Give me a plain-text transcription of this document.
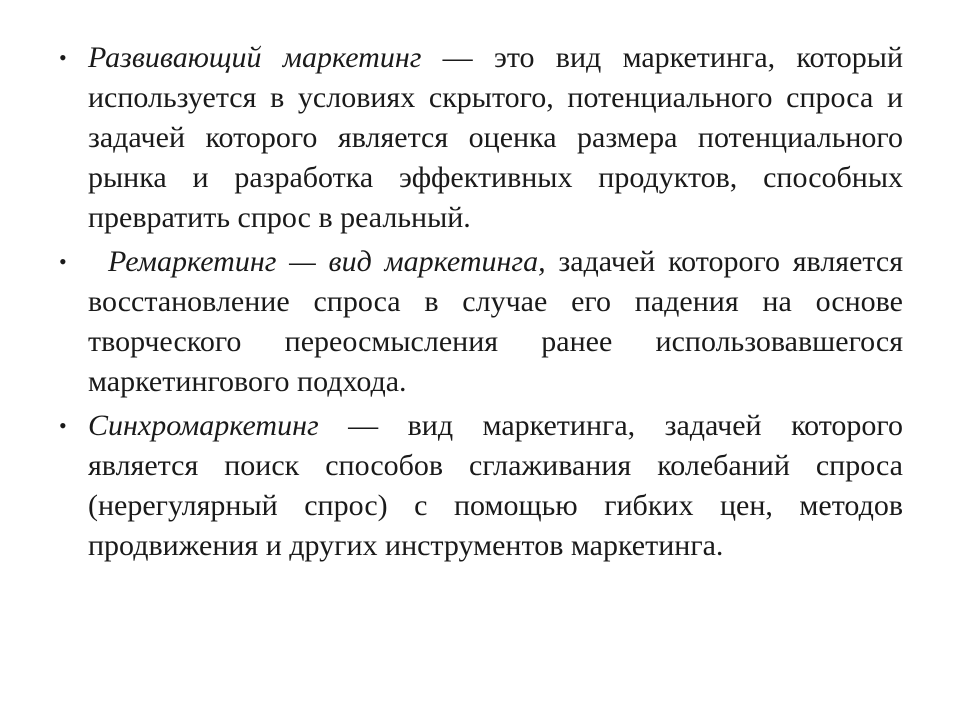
• Развивающий маркетинг — это вид маркетинга, который используется в условиях скрытого, потенциального спроса и задачей которого является оценка размера потенциального рынка и разработка эффективных продуктов, способных превратить спрос в реальный.
• Ремаркетинг — вид маркетинга, задачей которого является восстановление спроса в случае его падения на основе творческого переосмысления ранее использовавшегося маркетингового подхода.
• Синхромаркетинг — вид маркетинга, задачей которого является поиск способов сглаживания колебаний спроса (нерегулярный спрос) с помощью гибких цен, методов продвижения и других инструментов маркетинга.
